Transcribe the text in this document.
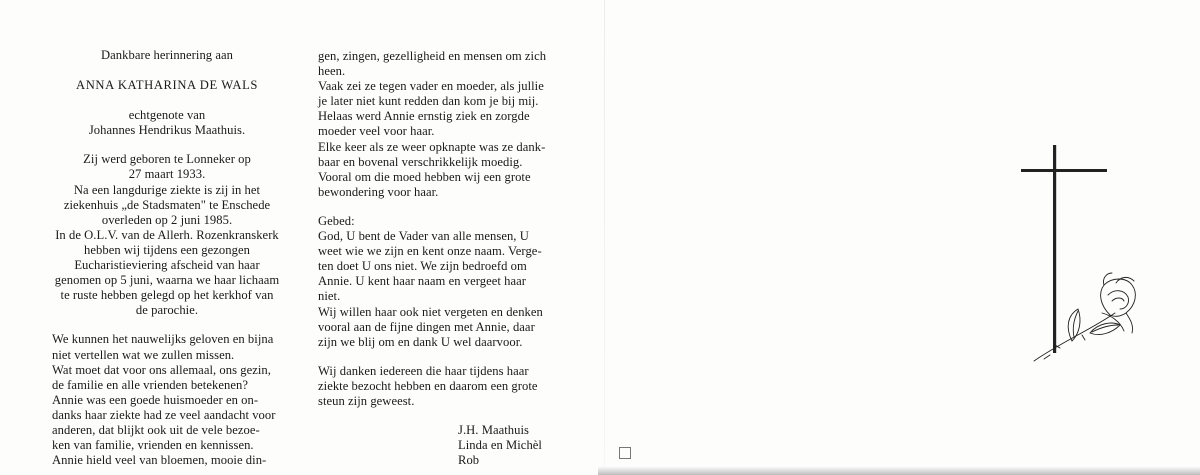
Dankbare herinnering aan
ANNA KATHARINA DE WALS
echtgenote van
Johannes Hendrikus Maathuis.
Zij werd geboren te Lonneker op
27 maart 1933.
Na een langdurige ziekte is zij in het
ziekenhuis „de Stadsmaten" te Enschede
overleden op 2 juni 1985.
In de O.L.V. van de Allerh. Rozenkranskerk
hebben wij tijdens een gezongen
Eucharistieviering afscheid van haar
genomen op 5 juni, waarna we haar lichaam
te ruste hebben gelegd op het kerkhof van
de parochie.
We kunnen het nauwelijks geloven en bijna
niet vertellen wat we zullen missen.
Wat moet dat voor ons allemaal, ons gezin,
de familie en alle vrienden betekenen?
Annie was een goede huismoeder en on-
danks haar ziekte had ze veel aandacht voor
anderen, dat blijkt ook uit de vele bezoe-
ken van familie, vrienden en kennissen.
Annie hield veel van bloemen, mooie din-
gen, zingen, gezelligheid en mensen om zich
heen.
Vaak zei ze tegen vader en moeder, als jullie
je later niet kunt redden dan kom je bij mij.
Helaas werd Annie ernstig ziek en zorgde
moeder veel voor haar.
Elke keer als ze weer opknapte was ze dank-
baar en bovenal verschrikkelijk moedig.
Vooral om die moed hebben wij een grote
bewondering voor haar.
Gebed:
God, U bent de Vader van alle mensen, U
weet wie we zijn en kent onze naam. Verge-
ten doet U ons niet. We zijn bedroefd om
Annie. U kent haar naam en vergeet haar
niet.
Wij willen haar ook niet vergeten en denken
vooral aan de fijne dingen met Annie, daar
zijn we blij om en dank U wel daarvoor.
Wij danken iedereen die haar tijdens haar
ziekte bezocht hebben en daarom een grote
steun zijn geweest.
J.H. Maathuis
Linda en Michèl
Rob
